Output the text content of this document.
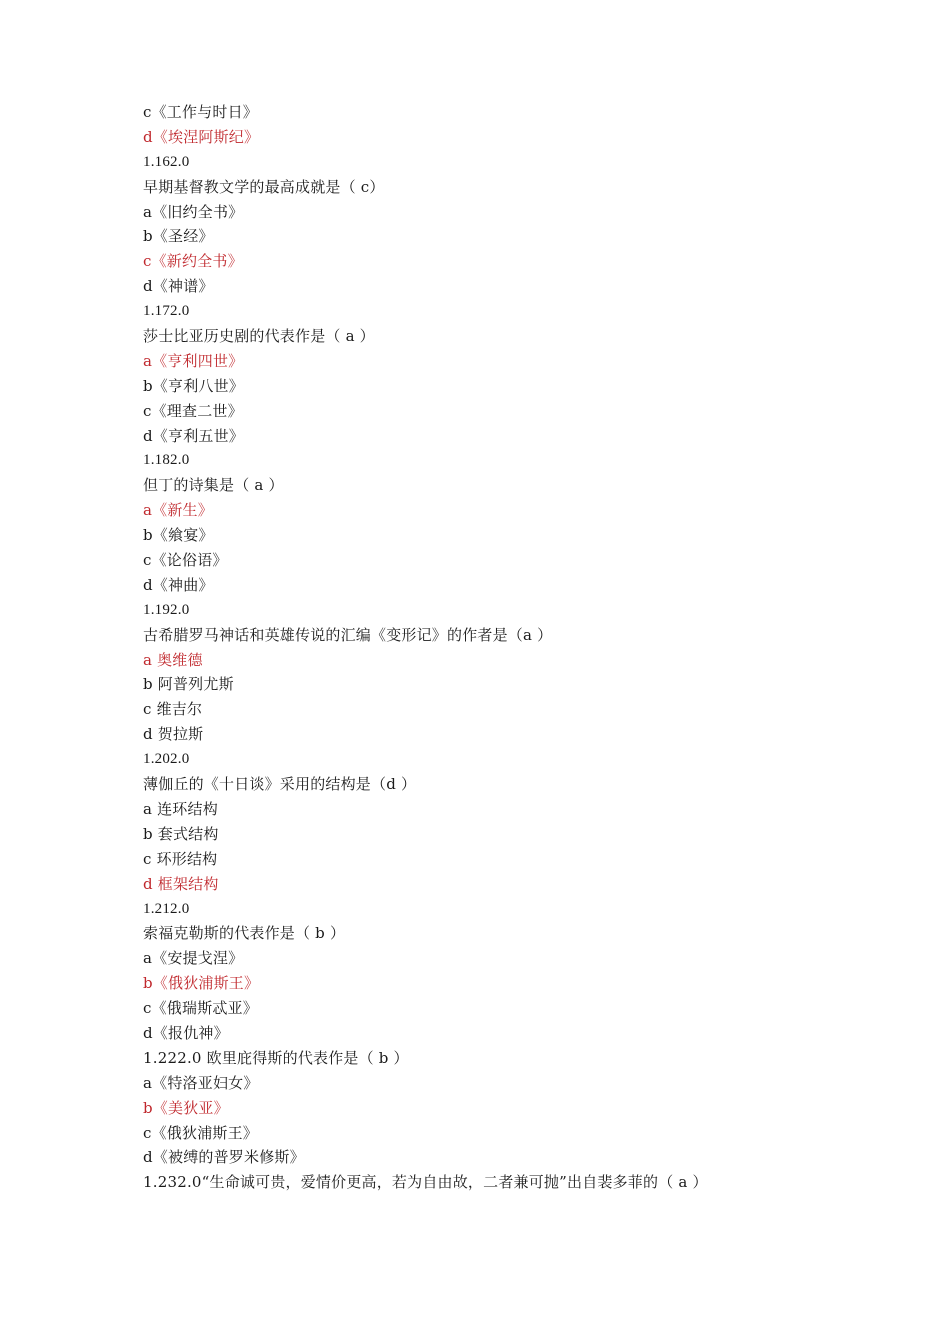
c《工作与时日》
d《埃涅阿斯纪》
1.162.0
早期基督教文学的最高成就是（ c）
a《旧约全书》
b《圣经》
c《新约全书》
d《神谱》
1.172.0
莎士比亚历史剧的代表作是（ a ）
a《亨利四世》
b《亨利八世》
c《理查二世》
d《亨利五世》
1.182.0
但丁的诗集是（ a ）
a《新生》
b《飨宴》
c《论俗语》
d《神曲》
1.192.0
古希腊罗马神话和英雄传说的汇编《变形记》的作者是（a ）
a 奥维德
b 阿普列尤斯
c 维吉尔
d 贺拉斯
1.202.0
薄伽丘的《十日谈》采用的结构是（d ）
a 连环结构
b 套式结构
c 环形结构
d 框架结构
1.212.0
索福克勒斯的代表作是（ b ）
a《安提戈涅》
b《俄狄浦斯王》
c《俄瑞斯忒亚》
d《报仇神》
1.222.0 欧里庇得斯的代表作是（ b ）
a《特洛亚妇女》
b《美狄亚》
c《俄狄浦斯王》
d《被缚的普罗米修斯》
1.232.0“生命诚可贵，爱情价更高，若为自由故，二者兼可抛”出自裴多菲的（ a ）
